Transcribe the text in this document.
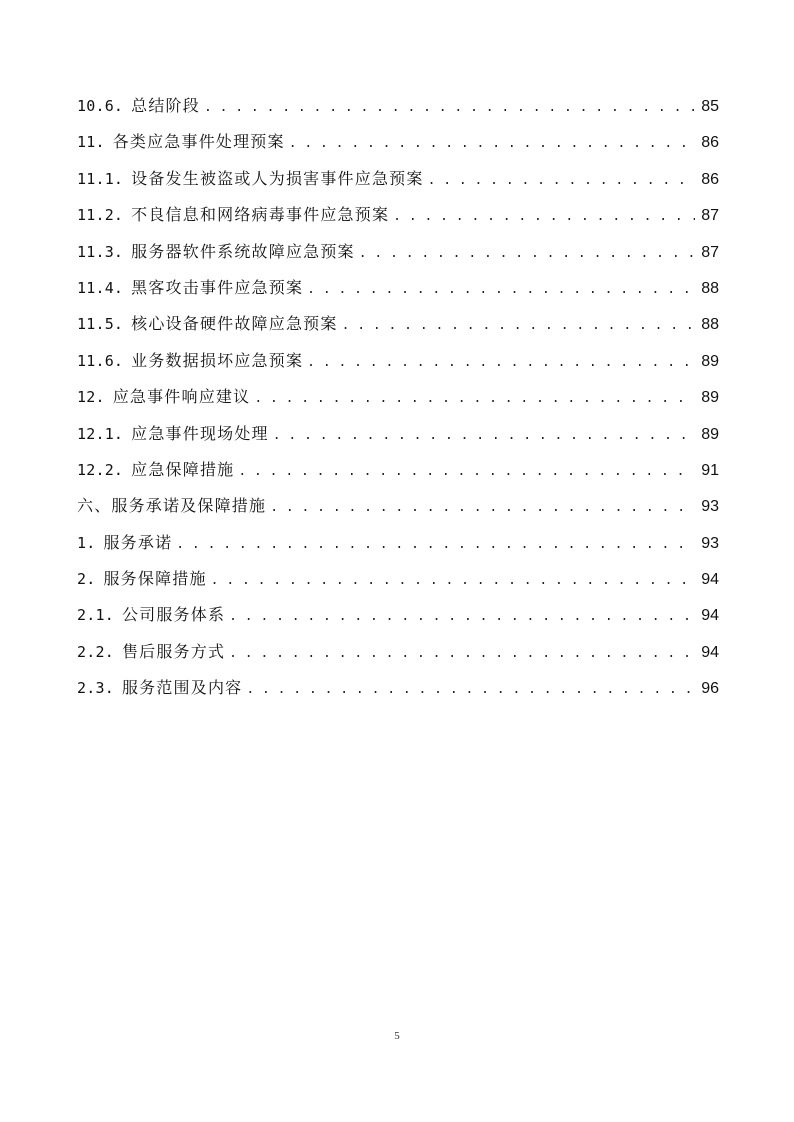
10.6. 总结阶段 . . .	85
11. 各类应急事件处理预案 . . .	86
11.1. 设备发生被盗或人为损害事件应急预案 . . .	86
11.2. 不良信息和网络病毒事件应急预案 . . .	87
11.3. 服务器软件系统故障应急预案 . . .	87
11.4. 黑客攻击事件应急预案 . . .	88
11.5. 核心设备硬件故障应急预案 . . .	88
11.6. 业务数据损坏应急预案 . . .	89
12. 应急事件响应建议 . . .	89
12.1. 应急事件现场处理 . . .	89
12.2. 应急保障措施 . . .	91
六、服务承诺及保障措施 . . .	93
1. 服务承诺 . . .	93
2. 服务保障措施 . . .	94
2.1. 公司服务体系 . . .	94
2.2. 售后服务方式 . . .	94
2.3. 服务范围及内容 . . .	96
5
